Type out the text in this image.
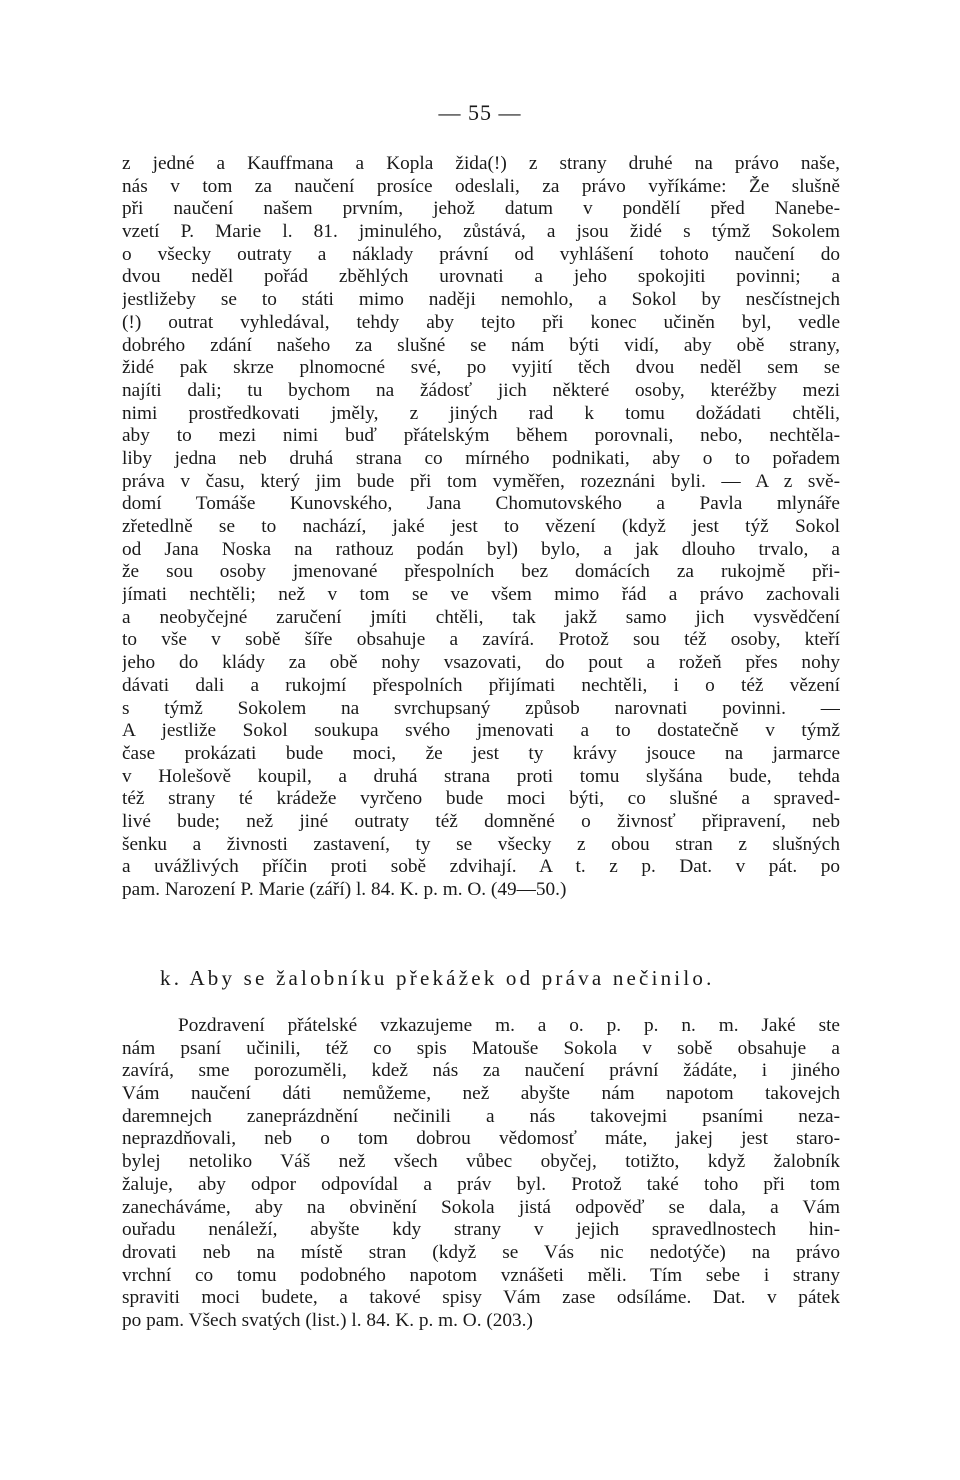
— 55 —
z jedné a Kauffmana a Kopla žida(!) z strany druhé na právo naše,
nás v tom za naučení prosíce odeslali, za právo vyříkáme: Že slušně
při naučení našem prvním, jehož datum v pondělí před Nanebe-
vzetí P. Marie l. 81. jminulého, zůstává, a jsou židé s týmž Sokolem
o všecky outraty a náklady právní od vyhlášení tohoto naučení do
dvou neděl pořád zběhlých urovnati a jeho spokojiti povinni; a
jestližeby se to státi mimo naději nemohlo, a Sokol by nesčístnejch
(!) outrat vyhledával, tehdy aby tejto při konec učiněn byl, vedle
dobrého zdání našeho za slušné se nám býti vidí, aby obě strany,
židé pak skrze plnomocné své, po vyjití těch dvou neděl sem se
najíti dali; tu bychom na žádosť jich některé osoby, kteréžby mezi
nimi prostředkovati jměly, z jiných rad k tomu dožádati chtěli,
aby to mezi nimi buď přátelským během porovnali, nebo, nechtěla-
liby jedna neb druhá strana co mírného podnikati, aby o to pořadem
práva v času, který jim bude při tom vyměřen, rozeznáni byli. — A z svě-
domí Tomáše Kunovského, Jana Chomutovského a Pavla mlynáře
zřetedlně se to nachází, jaké jest to vězení (když jest týž Sokol
od Jana Noska na rathouz podán byl) bylo, a jak dlouho trvalo, a
že sou osoby jmenované přespolních bez domácích za rukojmě při-
jímati nechtěli; než v tom se ve všem mimo řád a právo zachovali
a neobyčejné zaručení jmíti chtěli, tak jakž samo jich vysvědčení
to vše v sobě šíře obsahuje a zavírá. Protož sou též osoby, kteří
jeho do klády za obě nohy vsazovati, do pout a rožeň přes nohy
dávati dali a rukojmí přespolních přijímati nechtěli, i o též vězení
s týmž Sokolem na svrchupsaný způsob narovnati povinni. —
A jestliže Sokol soukupa svého jmenovati a to dostatečně v týmž
čase prokázati bude moci, že jest ty krávy jsouce na jarmarce
v Holešově koupil, a druhá strana proti tomu slyšána bude, tehda
též strany té krádeže vyrčeno bude moci býti, co slušné a spraved-
livé bude; než jiné outraty též domněné o živnosť připravení, neb
šenku a živnosti zastavení, ty se všecky z obou stran z slušných
a uvážlivých příčin proti sobě zdvihají. A t. z p. Dat. v pát. po
pam. Narození P. Marie (září) l. 84. K. p. m. O. (49—50.)
k. Aby se žalobníku překážek od práva nečinilo.
Pozdravení přátelské vzkazujeme m. a o. p. p. n. m. Jaké ste
nám psaní učinili, též co spis Matouše Sokola v sobě obsahuje a
zavírá, sme porozuměli, kdež nás za naučení právní žádáte, i jiného
Vám naučení dáti nemůžeme, než abyšte nám napotom takovejch
daremnejch zaneprázdnění nečinili a nás takovejmi psaními neza-
neprazdňovali, neb o tom dobrou vědomosť máte, jakej jest staro-
bylej netoliko Váš než všech vůbec obyčej, totižto, když žalobník
žaluje, aby odpor odpovídal a práv byl. Protož také toho při tom
zanecháváme, aby na obvinění Sokola jistá odpověď se dala, a Vám
ouřadu nenáleží, abyšte kdy strany v jejich spravedlnostech hin-
drovati neb na místě stran (když se Vás nic nedotýče) na právo
vrchní co tomu podobného napotom vznášeti měli. Tím sebe i strany
spraviti moci budete, a takové spisy Vám zase odsíláme. Dat. v pátek
po pam. Všech svatých (list.) l. 84. K. p. m. O. (203.)
